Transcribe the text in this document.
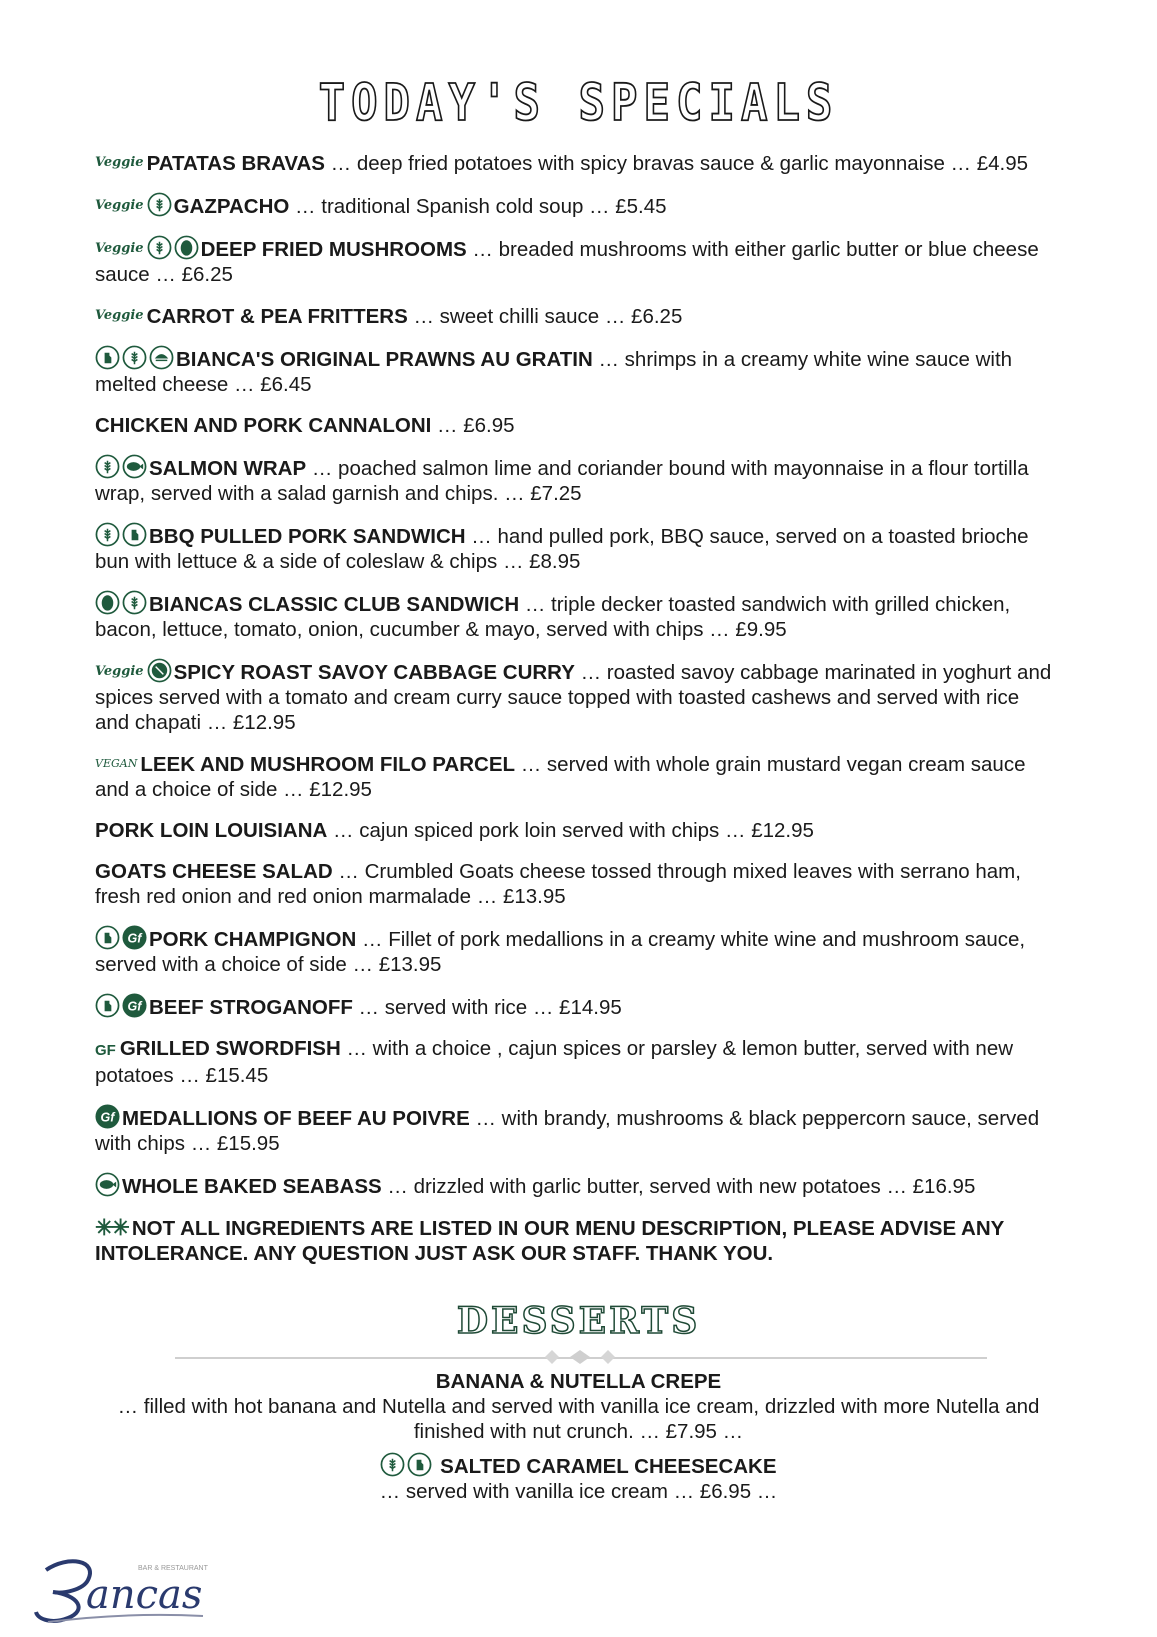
TODAY'S SPECIALS
Veggie PATATAS BRAVAS … deep fried potatoes with spicy bravas sauce & garlic mayonnaise … £4.95
Veggie GAZPACHO … traditional Spanish cold soup … £5.45
Veggie	DEEP FRIED MUSHROOMS … breaded mushrooms with either garlic butter or blue cheese sauce … £6.25
Veggie CARROT & PEA FRITTERS … sweet chilli sauce … £6.25
BIANCA'S ORIGINAL PRAWNS AU GRATIN … shrimps in a creamy white wine sauce with melted cheese … £6.45
CHICKEN AND PORK CANNALONI … £6.95
SALMON WRAP … poached salmon lime and coriander bound with mayonnaise in a flour tortilla wrap, served with a salad garnish and chips. … £7.25
BBQ PULLED PORK SANDWICH … hand pulled pork, BBQ sauce, served on a toasted brioche bun with lettuce & a side of coleslaw & chips … £8.95
BIANCAS CLASSIC CLUB SANDWICH … triple decker toasted sandwich with grilled chicken, bacon, lettuce, tomato, onion, cucumber & mayo, served with chips … £9.95
Veggie SPICY ROAST SAVOY CABBAGE CURRY … roasted savoy cabbage marinated in yoghurt and spices served with a tomato and cream curry sauce topped with toasted cashews and served with rice and chapati … £12.95
VEGAN LEEK AND MUSHROOM FILO PARCEL … served with whole grain mustard vegan cream sauce and a choice of side … £12.95
PORK LOIN LOUISIANA … cajun spiced pork loin served with chips … £12.95
GOATS CHEESE SALAD … Crumbled Goats cheese tossed through mixed leaves with serrano ham, fresh red onion and red onion marmalade … £13.95
Gf PORK CHAMPIGNON … Fillet of pork medallions in a creamy white wine and mushroom sauce, served with a choice of side … £13.95
Gf BEEF STROGANOFF … served with rice … £14.95
GF GRILLED SWORDFISH … with a choice , cajun spices or parsley & lemon butter, served with new potatoes … £15.45
Gf MEDALLIONS OF BEEF AU POIVRE … with brandy, mushrooms & black peppercorn sauce, served with chips … £15.95
WHOLE BAKED SEABASS … drizzled with garlic butter, served with new potatoes … £16.95
✳✳ NOT ALL INGREDIENTS ARE LISTED IN OUR MENU DESCRIPTION, PLEASE ADVISE ANY INTOLERANCE. ANY QUESTION JUST ASK OUR STAFF. THANK YOU.
DESSERTS
BANANA & NUTELLA CREPE
… filled with hot banana and Nutella and served with vanilla ice cream, drizzled with more Nutella and finished with nut crunch. … £7.95 …
SALTED CARAMEL CHEESECAKE
… served with vanilla ice cream … £6.95 …
ancas
BAR & RESTAURANT
